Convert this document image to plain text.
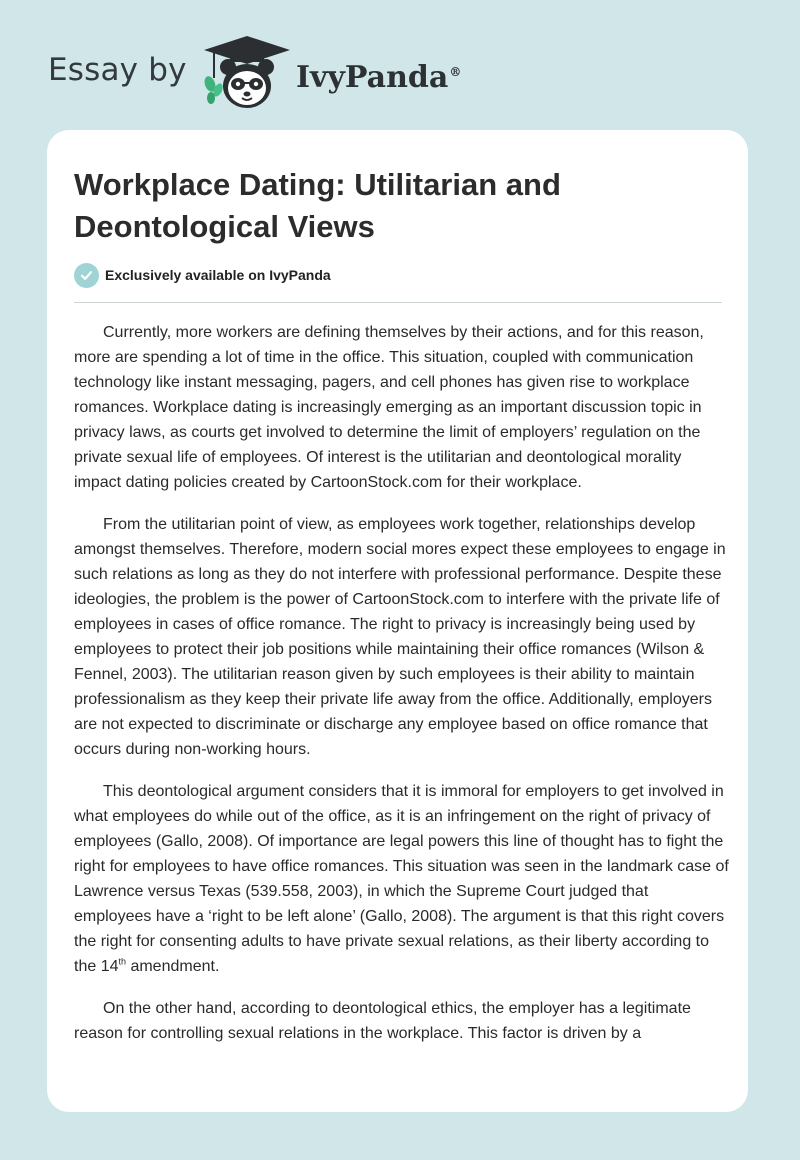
Essay by	IvyPanda®
Workplace Dating: Utilitarian and Deontological Views
Exclusively available on IvyPanda

Currently, more workers are defining themselves by their actions, and for this reason, more are spending a lot of time in the office. This situation, coupled with communication technology like instant messaging, pagers, and cell phones has given rise to workplace romances. Workplace dating is increasingly emerging as an important discussion topic in privacy laws, as courts get involved to determine the limit of employers’ regulation on the private sexual life of employees. Of interest is the utilitarian and deontological morality impact dating policies created by CartoonStock.com for their workplace.

From the utilitarian point of view, as employees work together, relationships develop amongst themselves. Therefore, modern social mores expect these employees to engage in such relations as long as they do not interfere with professional performance. Despite these ideologies, the problem is the power of CartoonStock.com to interfere with the private life of employees in cases of office romance. The right to privacy is increasingly being used by employees to protect their job positions while maintaining their office romances (Wilson & Fennel, 2003). The utilitarian reason given by such employees is their ability to maintain professionalism as they keep their private life away from the office. Additionally, employers are not expected to discriminate or discharge any employee based on office romance that occurs during non-working hours.

This deontological argument considers that it is immoral for employers to get involved in what employees do while out of the office, as it is an infringement on the right of privacy of employees (Gallo, 2008). Of importance are legal powers this line of thought has to fight the right for employees to have office romances. This situation was seen in the landmark case of Lawrence versus Texas (539.558, 2003), in which the Supreme Court judged that employees have a ‘right to be left alone’ (Gallo, 2008). The argument is that this right covers the right for consenting adults to have private sexual relations, as their liberty according to the 14th amendment.

On the other hand, according to deontological ethics, the employer has a legitimate reason for controlling sexual relations in the workplace. This factor is driven by a
